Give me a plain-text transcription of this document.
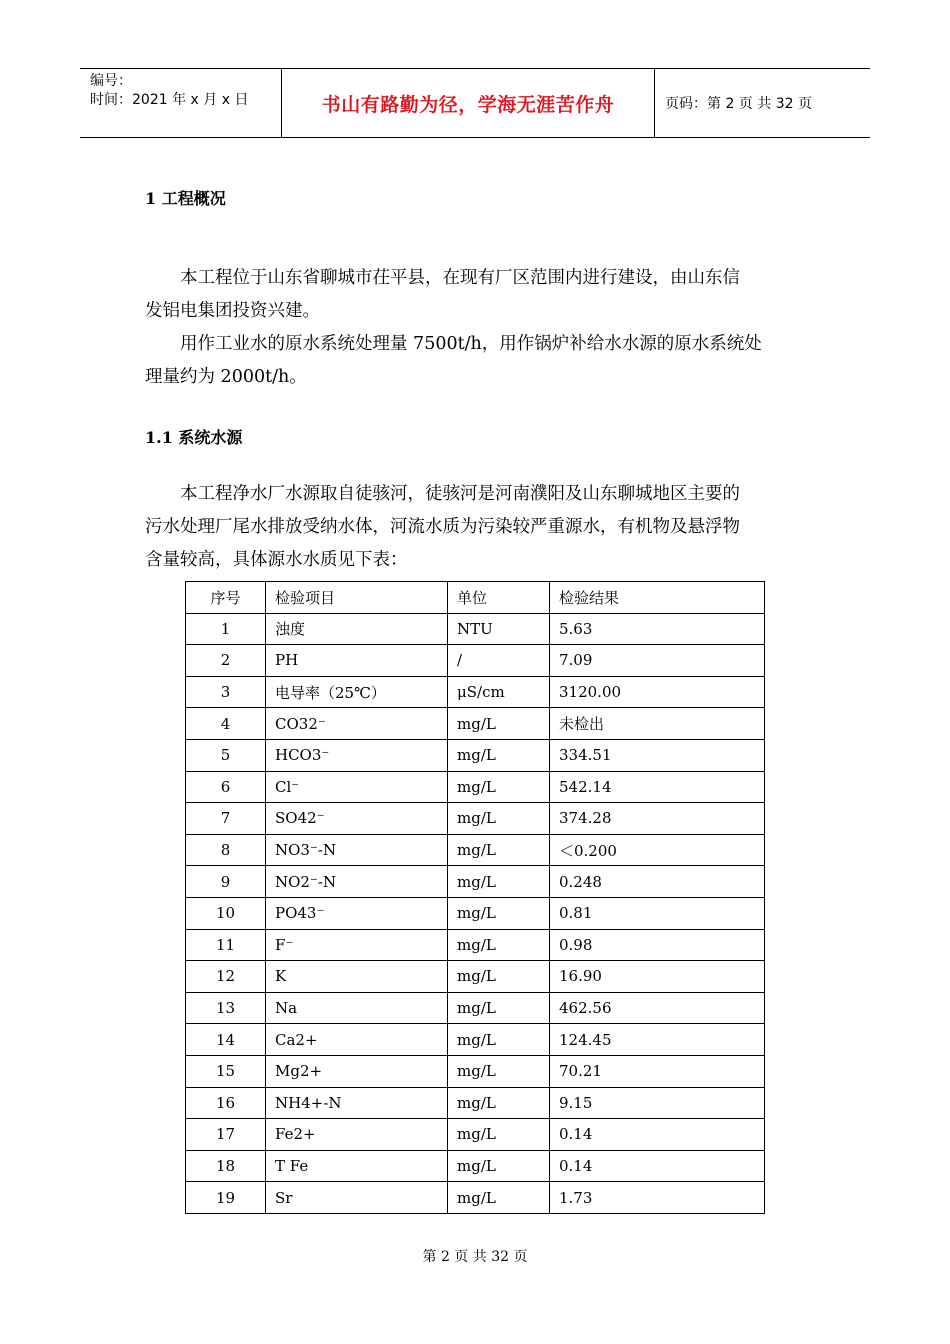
编号：
时间：2021 年 x 月 x 日	书山有路勤为径，学海无涯苦作舟	页码：第 2 页 共 32 页
1 工程概况
本工程位于山东省聊城市茌平县，在现有厂区范围内进行建设，由山东信
发铝电集团投资兴建。
用作工业水的原水系统处理量 7500t/h，用作锅炉补给水水源的原水系统处
理量约为 2000t/h。
1.1 系统水源
本工程净水厂水源取自徒骇河，徒骇河是河南濮阳及山东聊城地区主要的
污水处理厂尾水排放受纳水体，河流水质为污染较严重源水，有机物及悬浮物
含量较高，具体源水水质见下表：
序号	检验项目	单位	检验结果
1	浊度	NTU	5.63
2	PH	/	7.09
3	电导率（25℃）	μS/cm	3120.00
4	CO32⁻	mg/L	未检出
5	HCO3⁻	mg/L	334.51
6	Cl⁻	mg/L	542.14
7	SO42⁻	mg/L	374.28
8	NO3⁻-N	mg/L	＜0.200
9	NO2⁻-N	mg/L	0.248
10	PO43⁻	mg/L	0.81
11	F⁻	mg/L	0.98
12	K	mg/L	16.90
13	Na	mg/L	462.56
14	Ca2+	mg/L	124.45
15	Mg2+	mg/L	70.21
16	NH4+-N	mg/L	9.15
17	Fe2+	mg/L	0.14
18	T Fe	mg/L	0.14
19	Sr	mg/L	1.73
第 2 页 共 32 页
